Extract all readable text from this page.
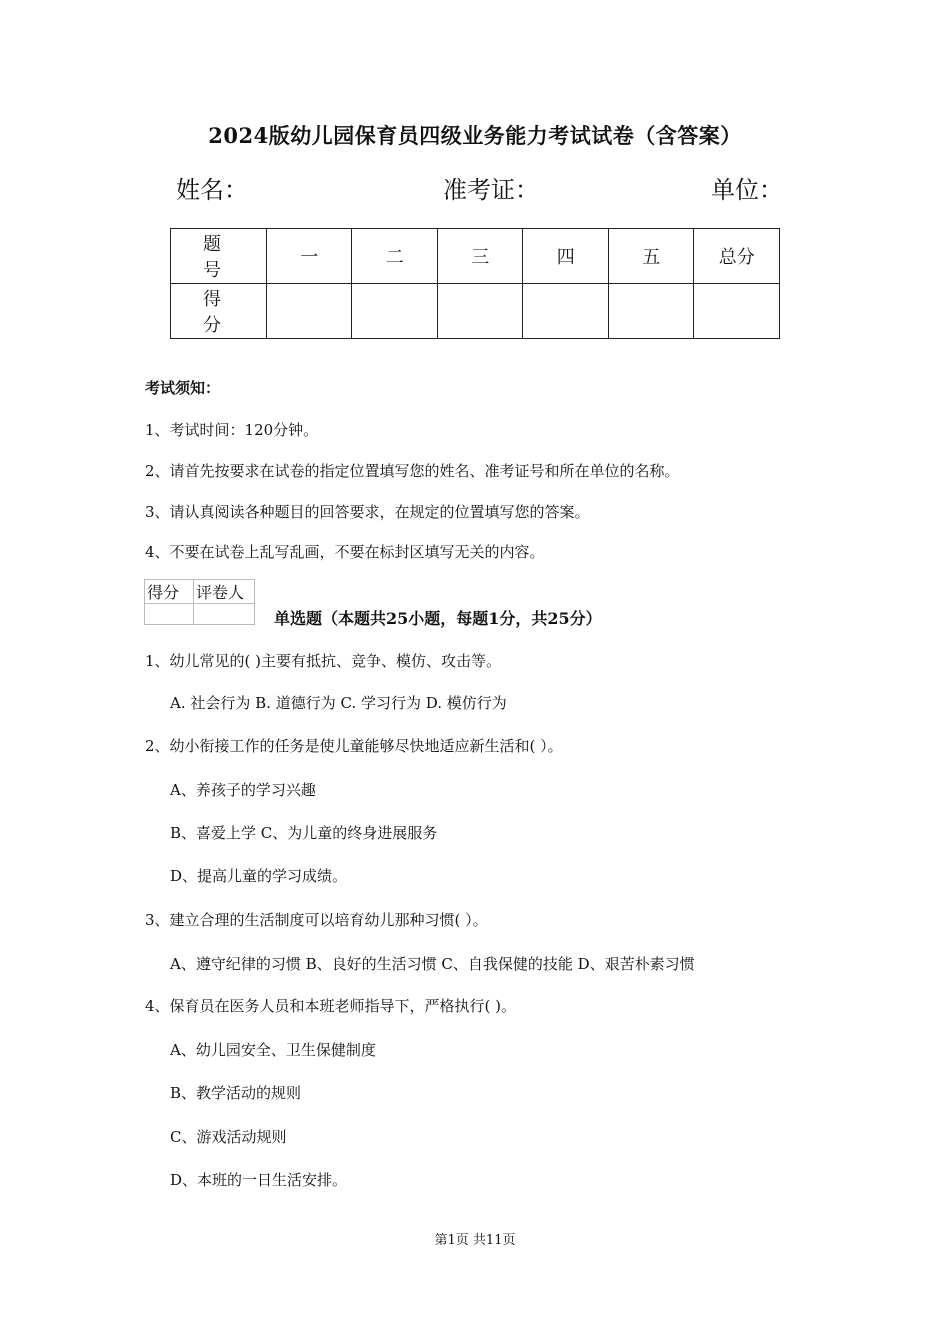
2024版幼儿园保育员四级业务能力考试试卷（含答案）
姓名：	准考证：	单位：
题 号	一	二	三	四	五	总分
得 分						
考试须知：
1、考试时间：120分钟。
2、请首先按要求在试卷的指定位置填写您的姓名、准考证号和所在单位的名称。
3、请认真阅读各种题目的回答要求，在规定的位置填写您的答案。
4、不要在试卷上乱写乱画，不要在标封区填写无关的内容。
得分	评卷人

单选题（本题共25小题，每题1分，共25分）
1、幼儿常见的( )主要有抵抗、竞争、模仿、攻击等。
A. 社会行为 B. 道德行为 C. 学习行为 D. 模仿行为
2、幼小衔接工作的任务是使儿童能够尽快地适应新生活和( ）。
A、养孩子的学习兴趣
B、喜爱上学 C、为儿童的终身进展服务
D、提高儿童的学习成绩。
3、建立合理的生活制度可以培育幼儿那种习惯( ）。
A、遵守纪律的习惯 B、良好的生活习惯 C、自我保健的技能 D、艰苦朴素习惯
4、保育员在医务人员和本班老师指导下，严格执行( )。
A、幼儿园安全、卫生保健制度
B、教学活动的规则
C、游戏活动规则
D、本班的一日生活安排。
第1页 共11页
